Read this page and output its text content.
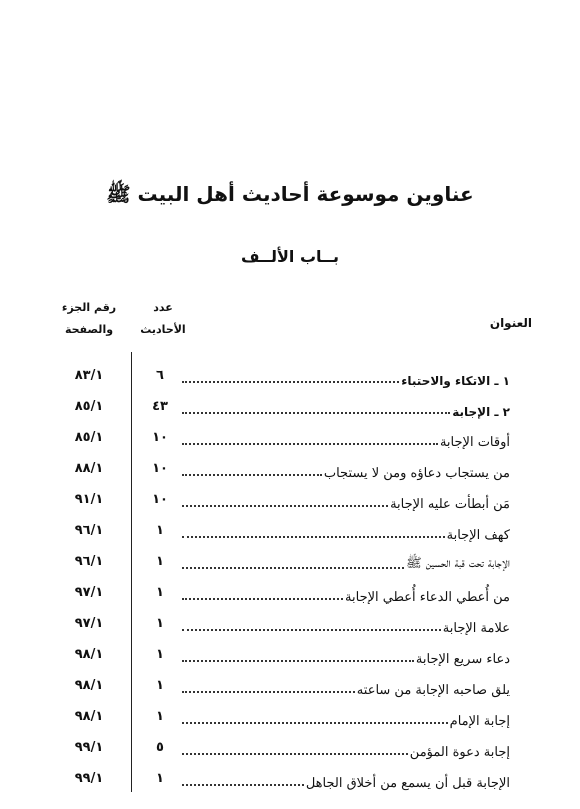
عناوين موسوعة أحاديث أهل البيت ﷺ
بــاب الألــف
رقم الجزء
والصفحة
عدد
الأحاديث	العنوان
٨٣/١	٦	١ ـ الاتكاء والاحتباء
٨٥/١	٤٣	٢ ـ الإجابة
٨٥/١	١٠	أوقات الإجابة
٨٨/١	١٠	من يستجاب دعاؤه ومن لا يستجاب
٩١/١	١٠	مَن أبطأت عليه الإجابة
٩٦/١	١	كهف الإجابة
٩٦/١	١	الإجابة تحت قبة الحسين ﷺ
٩٧/١	١	من أُعطي الدعاء أُعطي الإجابة
٩٧/١	١	علامة الإجابة
٩٨/١	١	دعاء سريع الإجابة
٩٨/١	١	يلق صاحبه الإجابة من ساعته
٩٨/١	١	إجابة الإمام
٩٩/١	٥	إجابة دعوة المؤمن
٩٩/١	١	الإجابة قبل أن يسمع من أخلاق الجاهل
